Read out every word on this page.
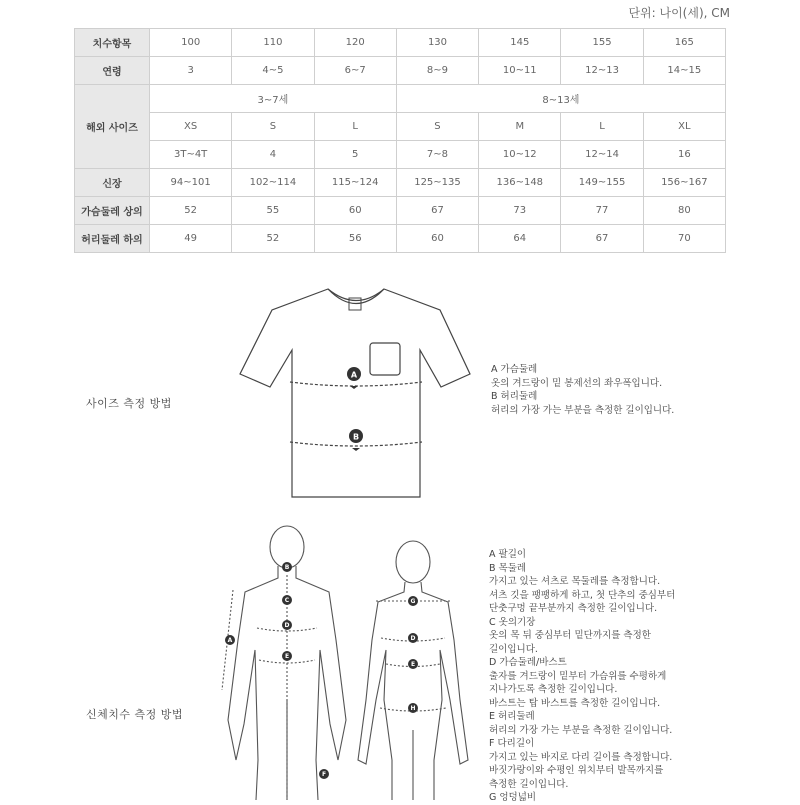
단위: 나이(세), CM
치수항목	100	110	120	130	145	155	165
연령	3	4~5	6~7	8~9	10~11	12~13	14~15
해외 사이즈	3~7세			8~13세			
	XS	S	L	S	M	L	XL
	3T~4T	4	5	7~8	10~12	12~14	16
신장	94~101	102~114	115~124	125~135	136~148	149~155	156~167
가슴둘레 상의	52	55	60	67	73	77	80
허리둘레 하의	49	52	56	60	64	67	70
사이즈 측정 방법
A
B
A 가슴둘레
옷의 겨드랑이 밑 봉제선의 좌우폭입니다.
B 허리둘레
허리의 가장 가는 부분을 측정한 길이입니다.
신체치수 측정 방법
B
C
D
E
A
F
G
D
E
H
A 팔길이
B 목둘레
가지고 있는 셔츠로 목둘레를 측정합니다.
셔츠 깃을 팽팽하게 하고, 첫 단추의 중심부터
단춧구멍 끝부분까지 측정한 길이입니다.
C 옷의기장
옷의 목 뒤 중심부터 밑단까지를 측정한
길이입니다.
D 가슴둘레/바스트
출자를 겨드랑이 밑부터 가슴위를 수평하게
지나가도록 측정한 길이입니다.
바스트는 탑 바스트를 측정한 길이입니다.
E 허리둘레
허리의 가장 가는 부분을 측정한 길이입니다.
F 다리길이
가지고 있는 바지로 다리 길이를 측정합니다.
바짓가랑이와 수평인 위치부터 발목까지를
측정한 길이입니다.
G 엉덩넓비
